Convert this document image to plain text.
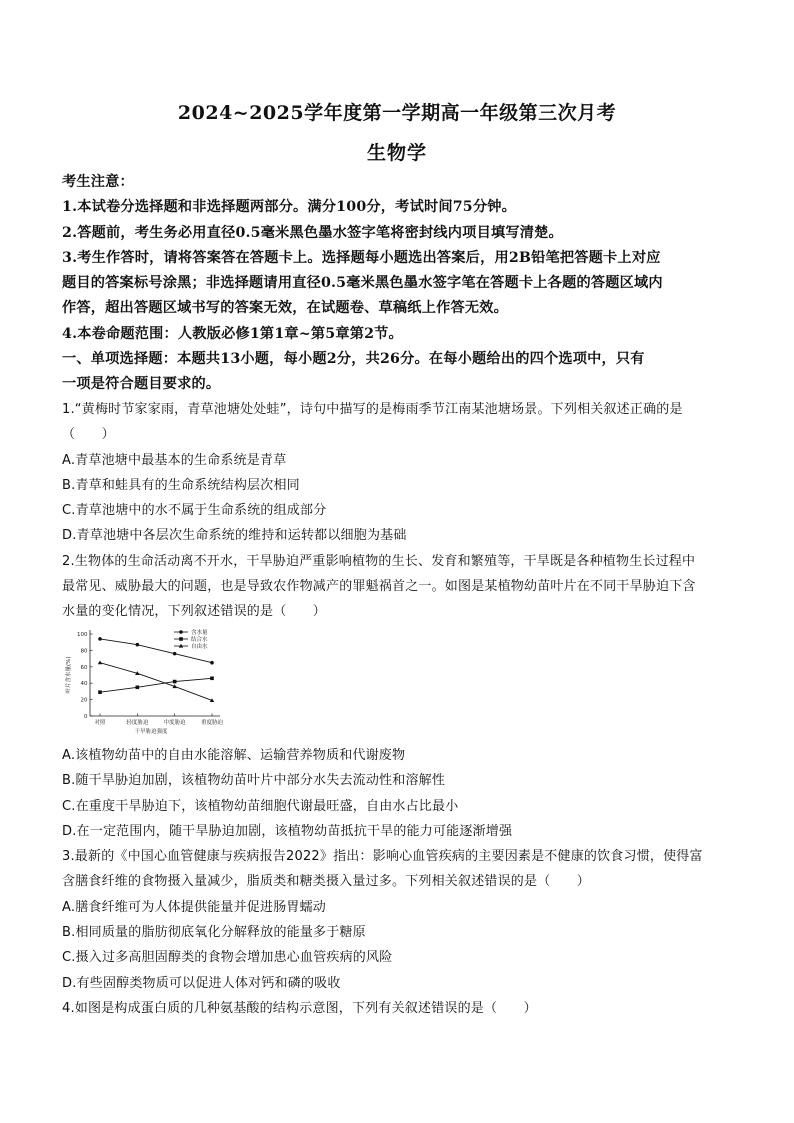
2024~2025学年度第一学期高一年级第三次月考
生物学
考生注意：
1.本试卷分选择题和非选择题两部分。满分100分，考试时间75分钟。
2.答题前，考生务必用直径0.5毫米黑色墨水签字笔将密封线内项目填写清楚。
3.考生作答时，请将答案答在答题卡上。选择题每小题选出答案后，用2B铅笔把答题卡上对应
题目的答案标号涂黑；非选择题请用直径0.5毫米黑色墨水签字笔在答题卡上各题的答题区域内
作答，超出答题区域书写的答案无效，在试题卷、草稿纸上作答无效。
4.本卷命题范围：人教版必修1第1章~第5章第2节。
一、单项选择题：本题共13小题，每小题2分，共26分。在每小题给出的四个选项中，只有
一项是符合题目要求的。
1.“黄梅时节家家雨，青草池塘处处蛙”，诗句中描写的是梅雨季节江南某池塘场景。下列相关叙述正确的是
（　　）
A.青草池塘中最基本的生命系统是青草
B.青草和蛙具有的生命系统结构层次相同
C.青草池塘中的水不属于生命系统的组成部分
D.青草池塘中各层次生命系统的维持和运转都以细胞为基础
2.生物体的生命活动离不开水，干旱胁迫严重影响植物的生长、发育和繁殖等，干旱既是各种植物生长过程中
最常见、威胁最大的问题，也是导致农作物减产的罪魁祸首之一。如图是某植物幼苗叶片在不同干旱胁迫下含
水量的变化情况，下列叙述错误的是（　　）
0
20
40
60
80
100
对照	轻度胁迫	中度胁迫	重度胁迫
干旱胁迫强度
叶片含水量(%)
含水量
结合水
自由水
A.该植物幼苗中的自由水能溶解、运输营养物质和代谢废物
B.随干旱胁迫加剧，该植物幼苗叶片中部分水失去流动性和溶解性
C.在重度干旱胁迫下，该植物幼苗细胞代谢最旺盛，自由水占比最小
D.在一定范围内，随干旱胁迫加剧，该植物幼苗抵抗干旱的能力可能逐渐增强
3.最新的《中国心血管健康与疾病报告2022》指出：影响心血管疾病的主要因素是不健康的饮食习惯，使得富
含膳食纤维的食物摄入量减少，脂质类和糖类摄入量过多。下列相关叙述错误的是（　　）
A.膳食纤维可为人体提供能量并促进肠胃蠕动
B.相同质量的脂肪彻底氧化分解释放的能量多于糖原
C.摄入过多高胆固醇类的食物会增加患心血管疾病的风险
D.有些固醇类物质可以促进人体对钙和磷的吸收
4.如图是构成蛋白质的几种氨基酸的结构示意图，下列有关叙述错误的是（　　）
